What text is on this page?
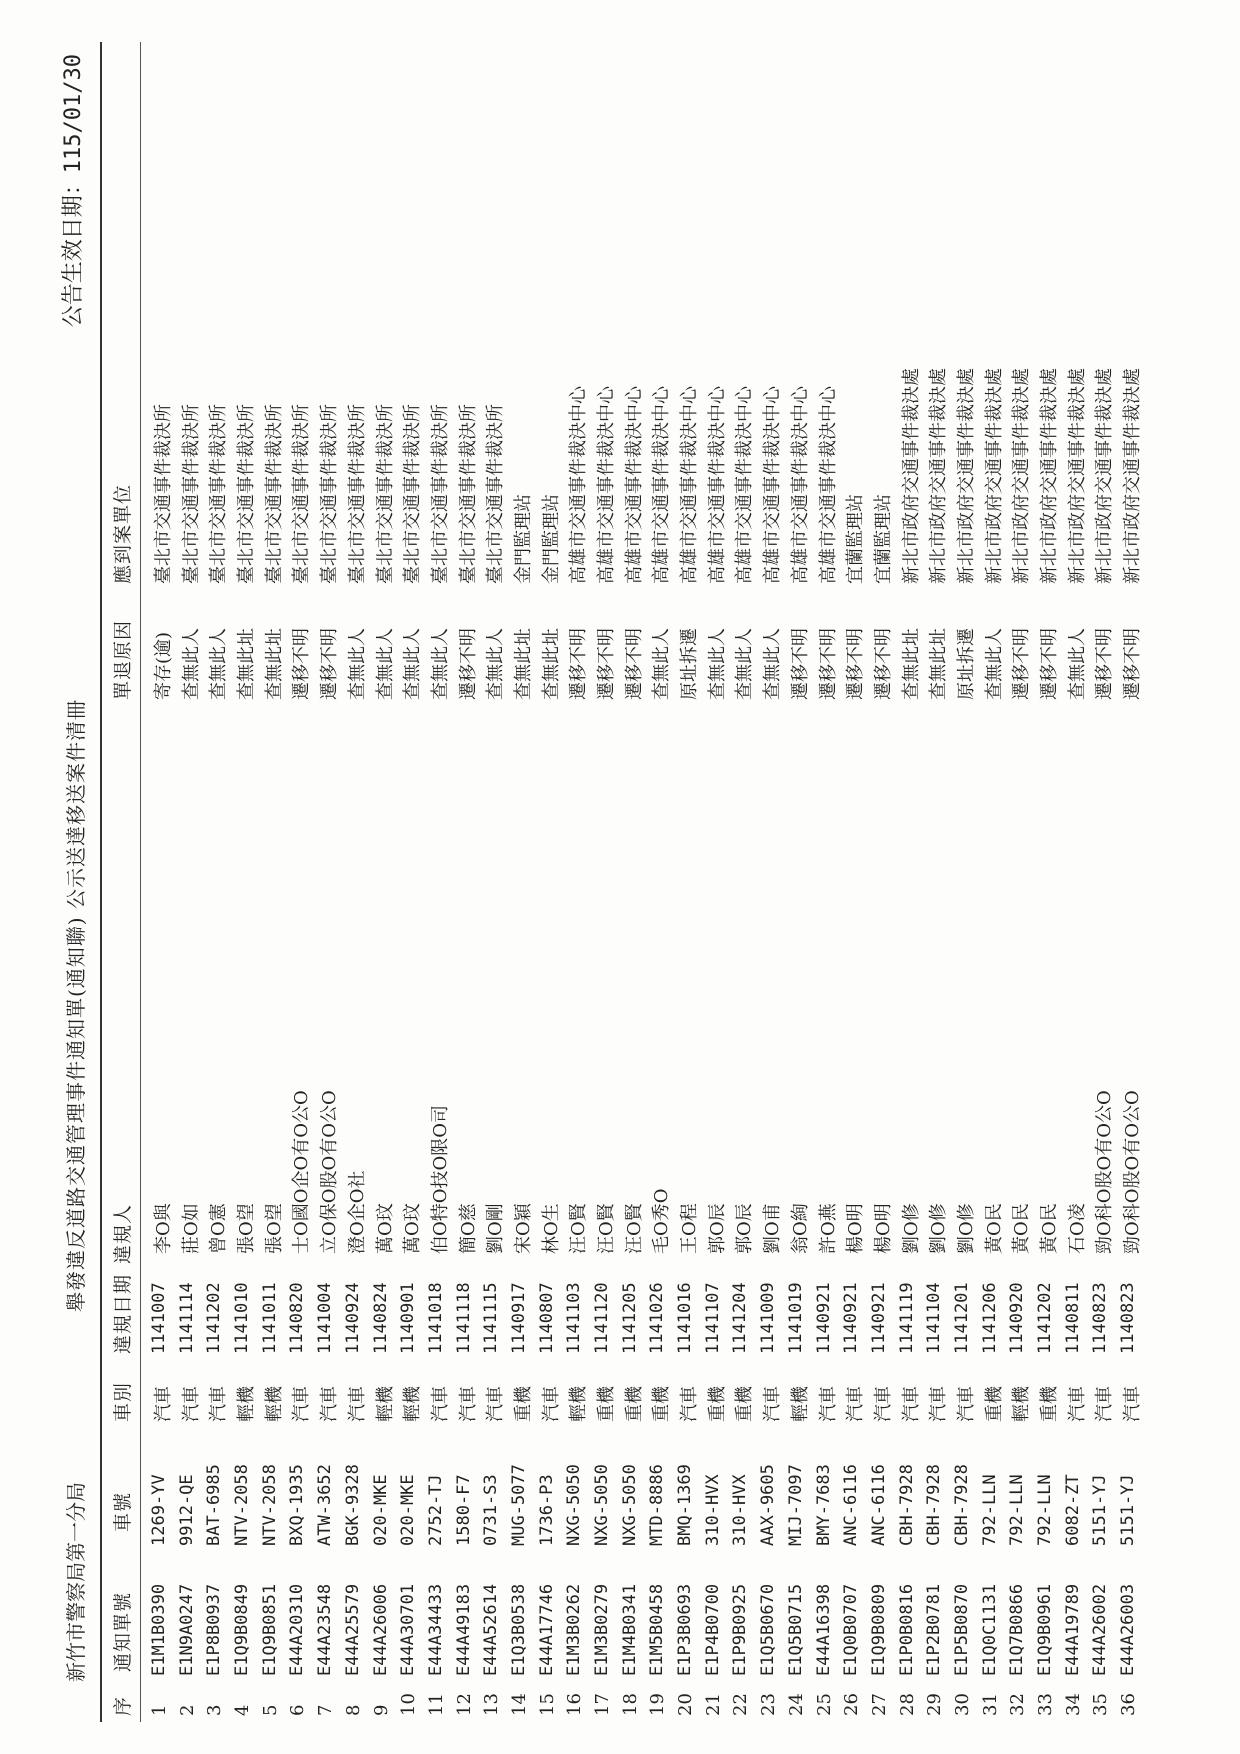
新竹市警察局第一分局
舉發違反道路交通管理事件通知單(通知聯) 公示送達移送案件清冊
公告生效日期：115/01/30
序
通知單號
車號
車別
違規日期
違規人
單退原因
應到案單位
1
E1M1B0390
1269-YV
汽車
1141007
李O與
寄存(逾)
臺北市交通事件裁決所
2
E1N9A0247
9912-QE
汽車
1141114
莊O如
查無此人
臺北市交通事件裁決所
3
E1P8B0937
BAT-6985
汽車
1141202
曾O憲
查無此人
臺北市交通事件裁決所
4
E1Q9B0849
NTV-2058
輕機
1141010
張O望
查無此址
臺北市交通事件裁決所
5
E1Q9B0851
NTV-2058
輕機
1141011
張O望
查無此址
臺北市交通事件裁決所
6
E44A20310
BXQ-1935
汽車
1140820
士O國O企O有O公O
遷移不明
臺北市交通事件裁決所
7
E44A23548
ATW-3652
汽車
1141004
立O保O股O有O公O
遷移不明
臺北市交通事件裁決所
8
E44A25579
BGK-9328
汽車
1140924
澄O企O社
查無此人
臺北市交通事件裁決所
9
E44A26006
020-MKE
輕機
1140824
萬O玟
查無此人
臺北市交通事件裁決所
10
E44A30701
020-MKE
輕機
1140901
萬O玟
查無此人
臺北市交通事件裁決所
11
E44A34433
2752-TJ
汽車
1141018
伯O特O技O限O司
查無此人
臺北市交通事件裁決所
12
E44A49183
1580-F7
汽車
1141118
簡O慈
遷移不明
臺北市交通事件裁決所
13
E44A52614
0731-S3
汽車
1141115
劉O剛
查無此人
臺北市交通事件裁決所
14
E1Q3B0538
MUG-5077
重機
1140917
宋O穎
查無此址
金門監理站
15
E44A17746
1736-P3
汽車
1140807
林O生
查無此址
金門監理站
16
E1M3B0262
NXG-5050
輕機
1141103
汪O賢
遷移不明
高雄市交通事件裁決中心
17
E1M3B0279
NXG-5050
重機
1141120
汪O賢
遷移不明
高雄市交通事件裁決中心
18
E1M4B0341
NXG-5050
重機
1141205
汪O賢
遷移不明
高雄市交通事件裁決中心
19
E1M5B0458
MTD-8886
重機
1141026
毛O秀O
查無此人
高雄市交通事件裁決中心
20
E1P3B0693
BMQ-1369
汽車
1141016
王O程
原址拆遷
高雄市交通事件裁決中心
21
E1P4B0700
310-HVX
重機
1141107
郭O辰
查無此人
高雄市交通事件裁決中心
22
E1P9B0925
310-HVX
重機
1141204
郭O辰
查無此人
高雄市交通事件裁決中心
23
E1Q5B0670
AAX-9605
汽車
1141009
劉O甫
查無此人
高雄市交通事件裁決中心
24
E1Q5B0715
MIJ-7097
輕機
1141019
翁O絢
遷移不明
高雄市交通事件裁決中心
25
E44A16398
BMY-7683
汽車
1140921
許O燕
遷移不明
高雄市交通事件裁決中心
26
E1Q0B0707
ANC-6116
汽車
1140921
楊O明
遷移不明
宜蘭監理站
27
E1Q9B0809
ANC-6116
汽車
1140921
楊O明
遷移不明
宜蘭監理站
28
E1P0B0816
CBH-7928
汽車
1141119
劉O修
查無此址
新北市政府交通事件裁決處
29
E1P2B0781
CBH-7928
汽車
1141104
劉O修
查無此址
新北市政府交通事件裁決處
30
E1P5B0870
CBH-7928
汽車
1141201
劉O修
原址拆遷
新北市政府交通事件裁決處
31
E1Q0C1131
792-LLN
重機
1141206
黃O民
查無此人
新北市政府交通事件裁決處
32
E1Q7B0866
792-LLN
輕機
1140920
黃O民
遷移不明
新北市政府交通事件裁決處
33
E1Q9B0961
792-LLN
重機
1141202
黃O民
遷移不明
新北市政府交通事件裁決處
34
E44A19789
6082-ZT
汽車
1140811
石O凌
查無此人
新北市政府交通事件裁決處
35
E44A26002
5151-YJ
汽車
1140823
勁O科O股O有O公O
遷移不明
新北市政府交通事件裁決處
36
E44A26003
5151-YJ
汽車
1140823
勁O科O股O有O公O
遷移不明
新北市政府交通事件裁決處
